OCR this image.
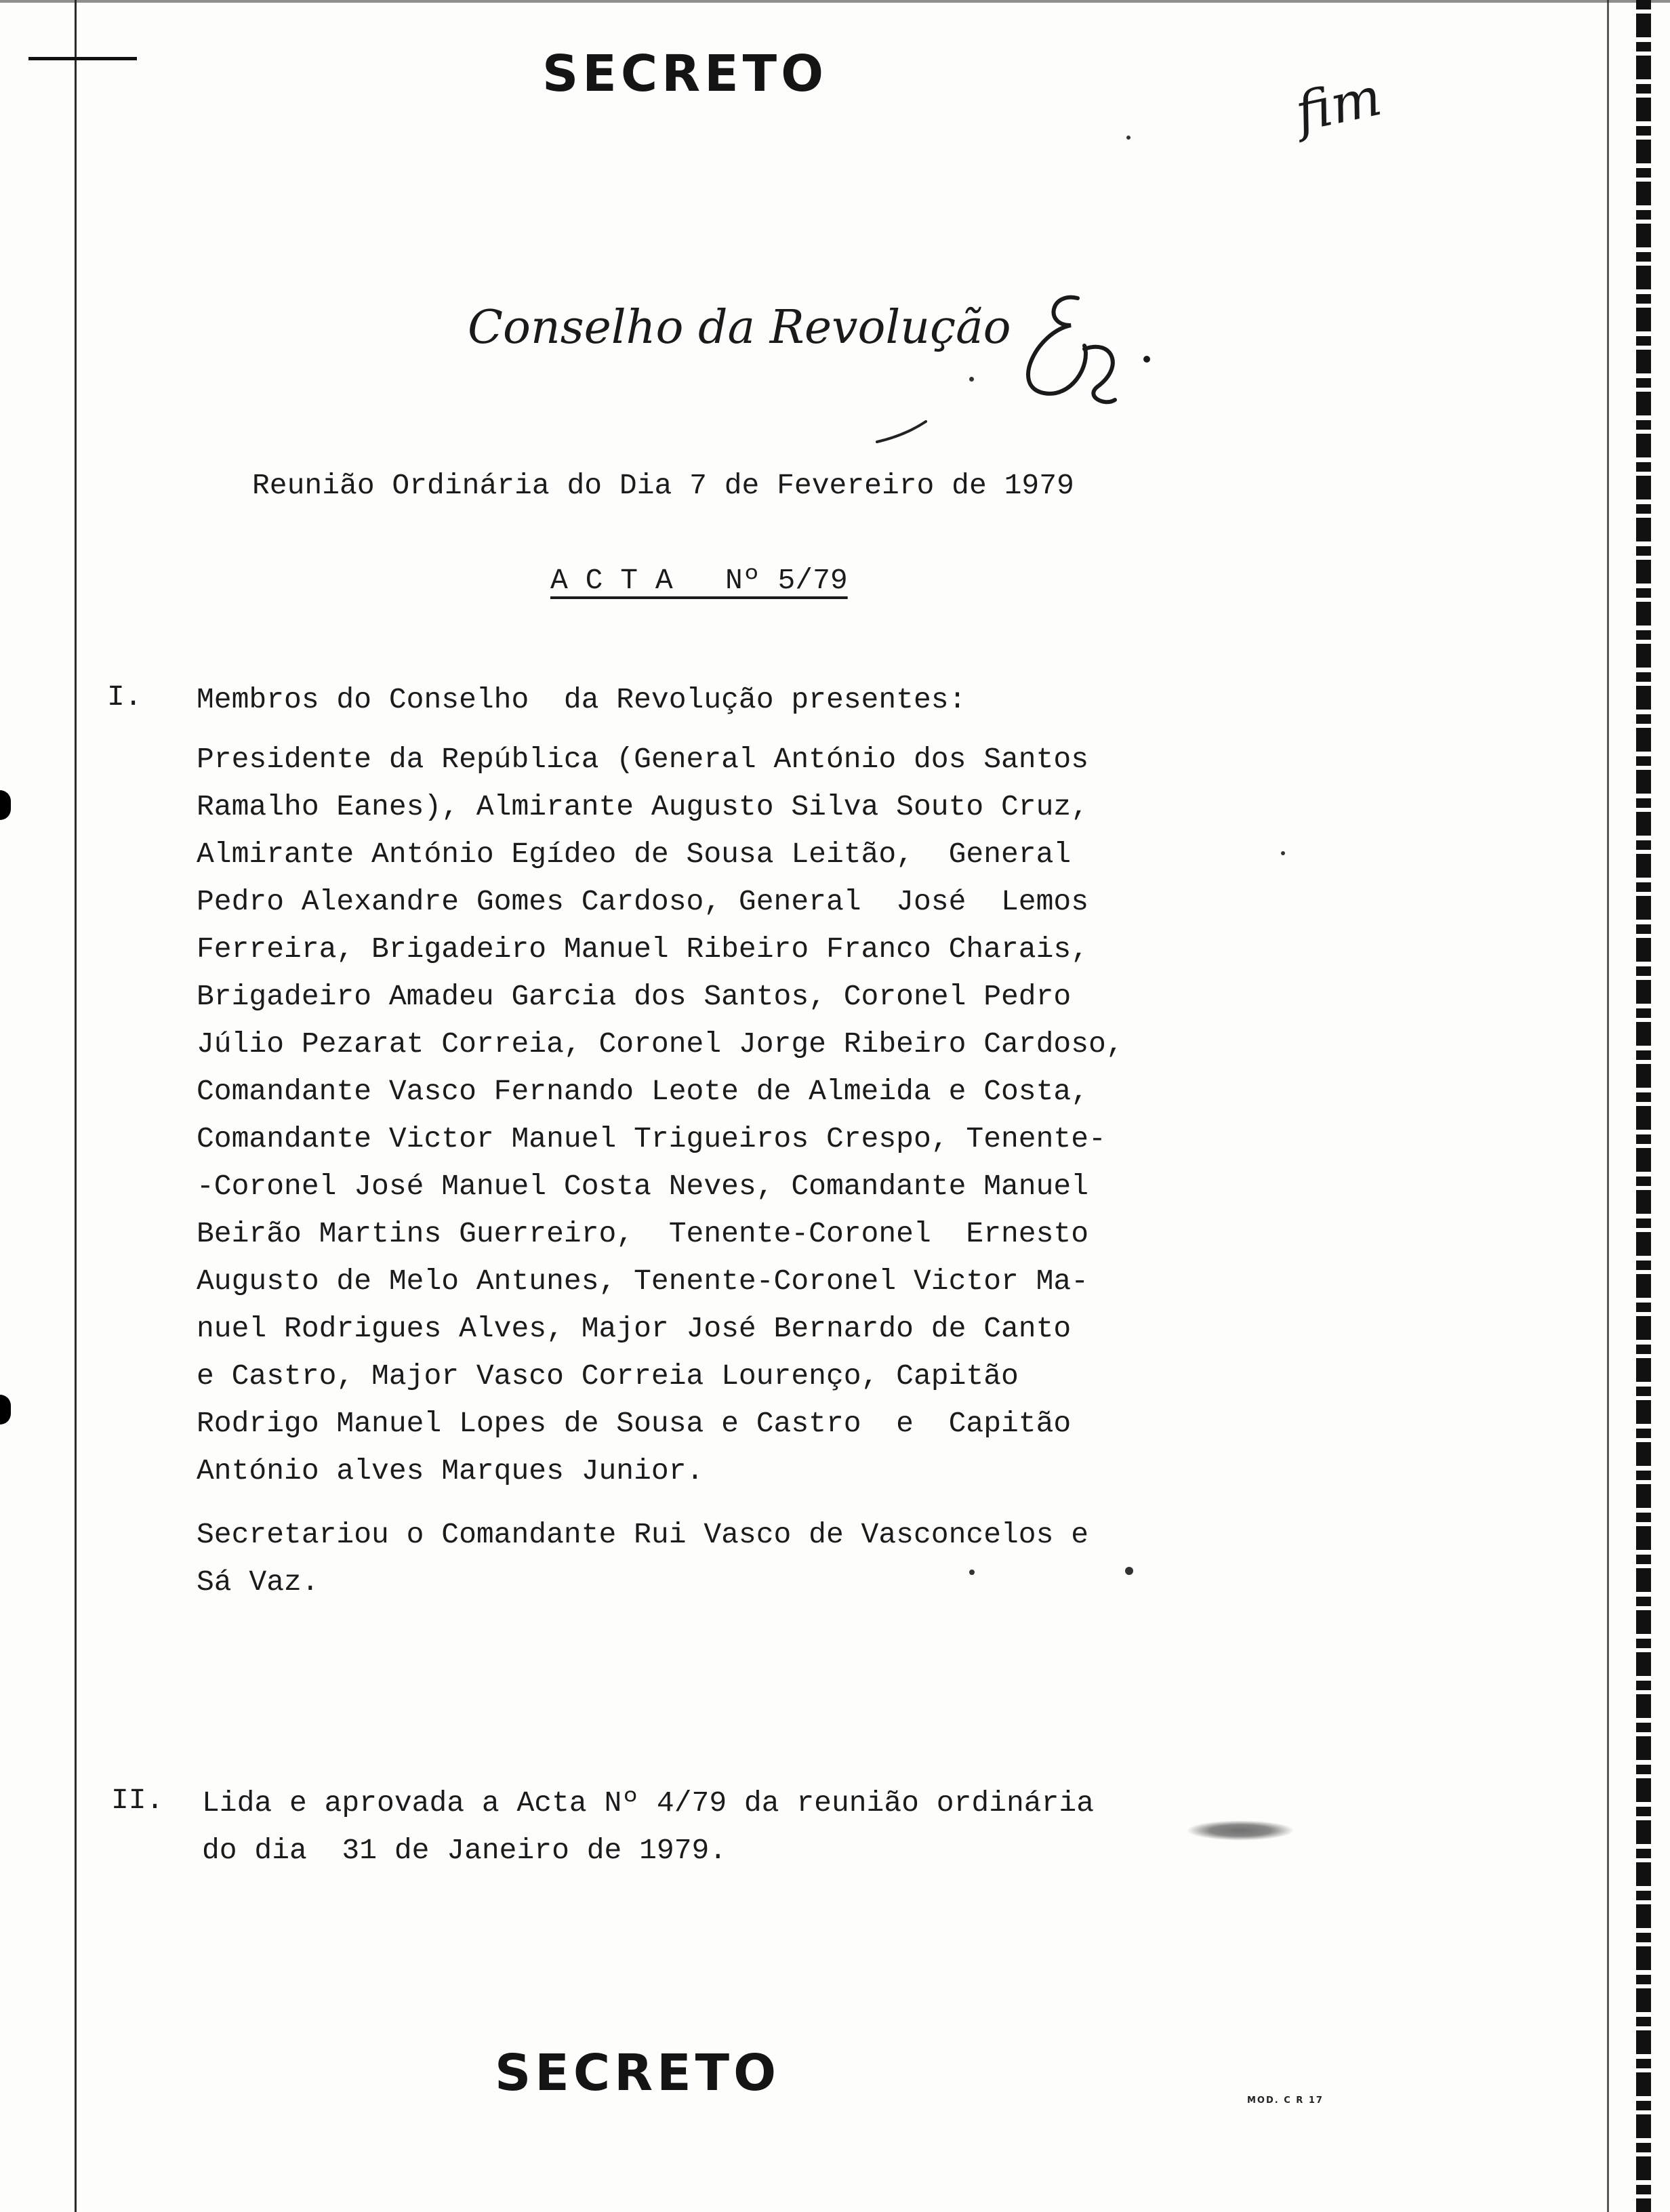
SECRETO	fim
Conselho da Revolução
Reunião Ordinária do Dia 7 de Fevereiro de 1979
A C T A   Nº 5/79
I. Membros do Conselho  da Revolução presentes:
Presidente da República (General António dos Santos
Ramalho Eanes), Almirante Augusto Silva Souto Cruz,
Almirante António Egídeo de Sousa Leitão,  General
Pedro Alexandre Gomes Cardoso, General  José  Lemos
Ferreira, Brigadeiro Manuel Ribeiro Franco Charais,
Brigadeiro Amadeu Garcia dos Santos, Coronel Pedro
Júlio Pezarat Correia, Coronel Jorge Ribeiro Cardoso,
Comandante Vasco Fernando Leote de Almeida e Costa,
Comandante Victor Manuel Trigueiros Crespo, Tenente-
-Coronel José Manuel Costa Neves, Comandante Manuel
Beirão Martins Guerreiro,  Tenente-Coronel  Ernesto
Augusto de Melo Antunes, Tenente-Coronel Victor Ma-
nuel Rodrigues Alves, Major José Bernardo de Canto
e Castro, Major Vasco Correia Lourenço, Capitão
Rodrigo Manuel Lopes de Sousa e Castro  e  Capitão
António alves Marques Junior.
Secretariou o Comandante Rui Vasco de Vasconcelos e
Sá Vaz.
II. Lida e aprovada a Acta Nº 4/79 da reunião ordinária
do dia  31 de Janeiro de 1979.
SECRETO	MOD. C R 17
